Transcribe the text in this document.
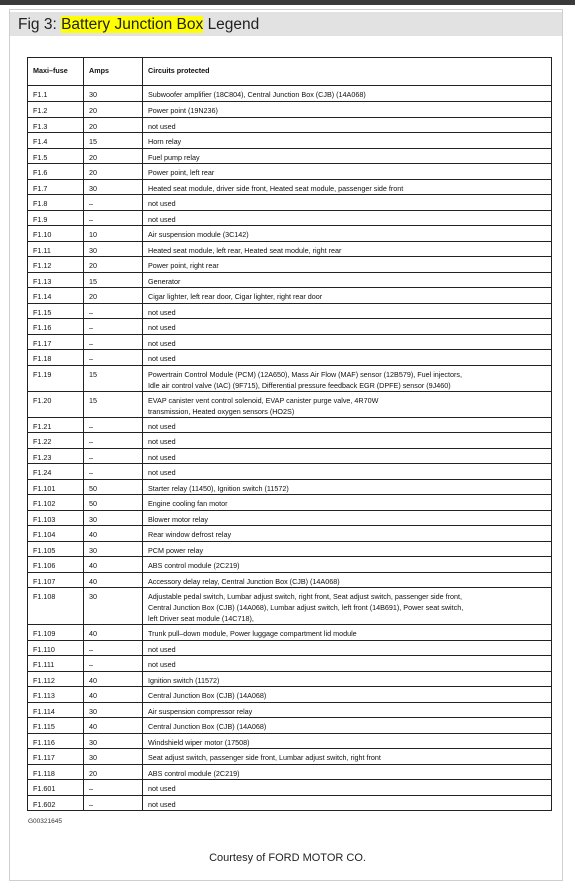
Fig 3: Battery Junction Box Legend
Maxi–fuse	Amps	Circuits protected
F1.1	30	Subwoofer amplifier (18C804), Central Junction Box (CJB) (14A068)

F1.2	20	Power point (19N236)

F1.3	20	not used

F1.4	15	Horn relay

F1.5	20	Fuel pump relay

F1.6	20	Power point, left rear

F1.7	30	Heated seat module, driver side front, Heated seat module, passenger side front

F1.8	–	not used

F1.9	–	not used

F1.10	10	Air suspension module (3C142)

F1.11	30	Heated seat module, left rear, Heated seat module, right rear

F1.12	20	Power point, right rear

F1.13	15	Generator

F1.14	20	Cigar lighter, left rear door, Cigar lighter, right rear door

F1.15	–	not used

F1.16	–	not used

F1.17	–	not used

F1.18	–	not used

F1.19	15	Powertrain Control Module (PCM) (12A650), Mass Air Flow (MAF) sensor (12B579), Fuel injectors,
Idle air control valve (IAC) (9F715), Differential pressure feedback EGR (DPFE) sensor (9J460)

F1.20	15	EVAP canister vent control solenoid, EVAP canister purge valve, 4R70W
transmission, Heated oxygen sensors (HO2S)

F1.21	–	not used

F1.22	–	not used

F1.23	–	not used

F1.24	–	not used

F1.101	50	Starter relay (11450), Ignition switch (11572)

F1.102	50	Engine cooling fan motor

F1.103	30	Blower motor relay

F1.104	40	Rear window defrost relay

F1.105	30	PCM power relay

F1.106	40	ABS control module (2C219)

F1.107	40	Accessory delay relay, Central Junction Box (CJB) (14A068)

F1.108	30	Adjustable pedal switch, Lumbar adjust switch, right front, Seat adjust switch, passenger side front,
Central Junction Box (CJB) (14A068), Lumbar adjust switch, left front (14B691), Power seat switch,
left Driver seat module (14C718),

F1.109	40	Trunk pull–down module, Power luggage compartment lid module

F1.110	–	not used

F1.111	–	not used

F1.112	40	Ignition switch (11572)

F1.113	40	Central Junction Box (CJB) (14A068)

F1.114	30	Air suspension compressor relay

F1.115	40	Central Junction Box (CJB) (14A068)

F1.116	30	Windshield wiper motor (17508)

F1.117	30	Seat adjust switch, passenger side front, Lumbar adjust switch, right front

F1.118	20	ABS control module (2C219)

F1.601	–	not used

F1.602	–	not used
G00321645
Courtesy of FORD MOTOR CO.
